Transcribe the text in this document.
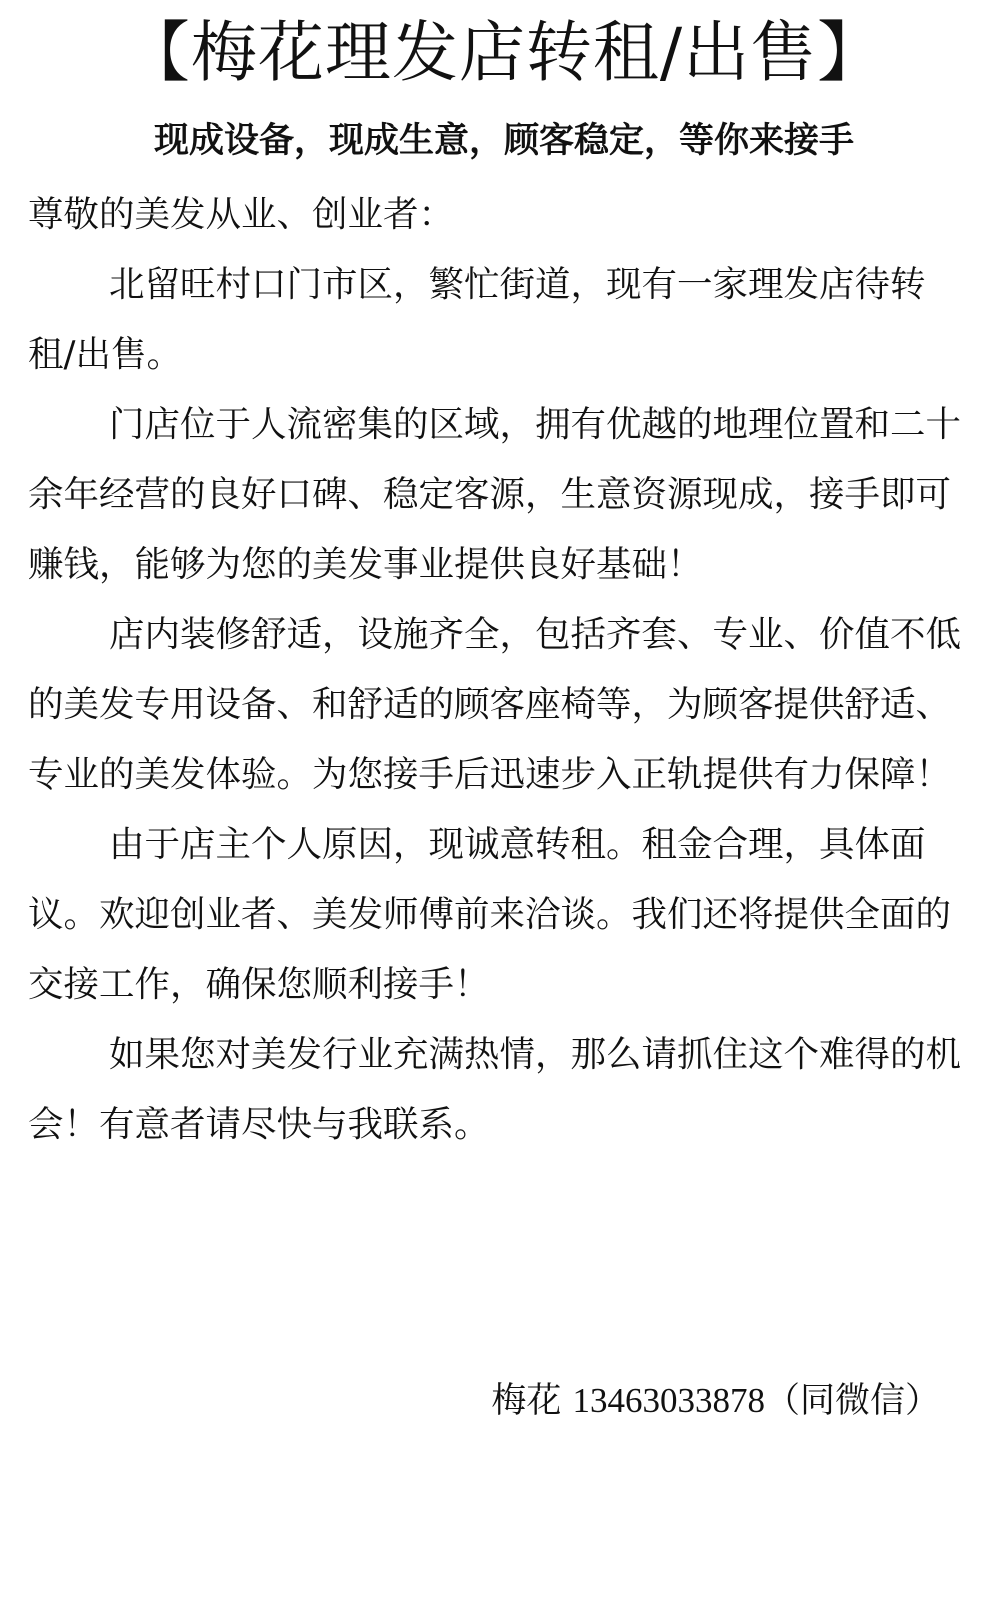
【梅花理发店转租/出售】
现成设备，现成生意，顾客稳定，等你来接手

尊敬的美发从业、创业者：

北留旺村口门市区，繁忙街道，现有一家理发店待转租/出售。

门店位于人流密集的区域，拥有优越的地理位置和二十余年经营的良好口碑、稳定客源，生意资源现成，接手即可赚钱，能够为您的美发事业提供良好基础！

店内装修舒适，设施齐全，包括齐套、专业、价值不低的美发专用设备、和舒适的顾客座椅等，为顾客提供舒适、专业的美发体验。为您接手后迅速步入正轨提供有力保障！

由于店主个人原因，现诚意转租。租金合理，具体面议。欢迎创业者、美发师傅前来洽谈。我们还将提供全面的交接工作，确保您顺利接手！

如果您对美发行业充满热情，那么请抓住这个难得的机会！有意者请尽快与我联系。

梅花 13463033878（同微信）
